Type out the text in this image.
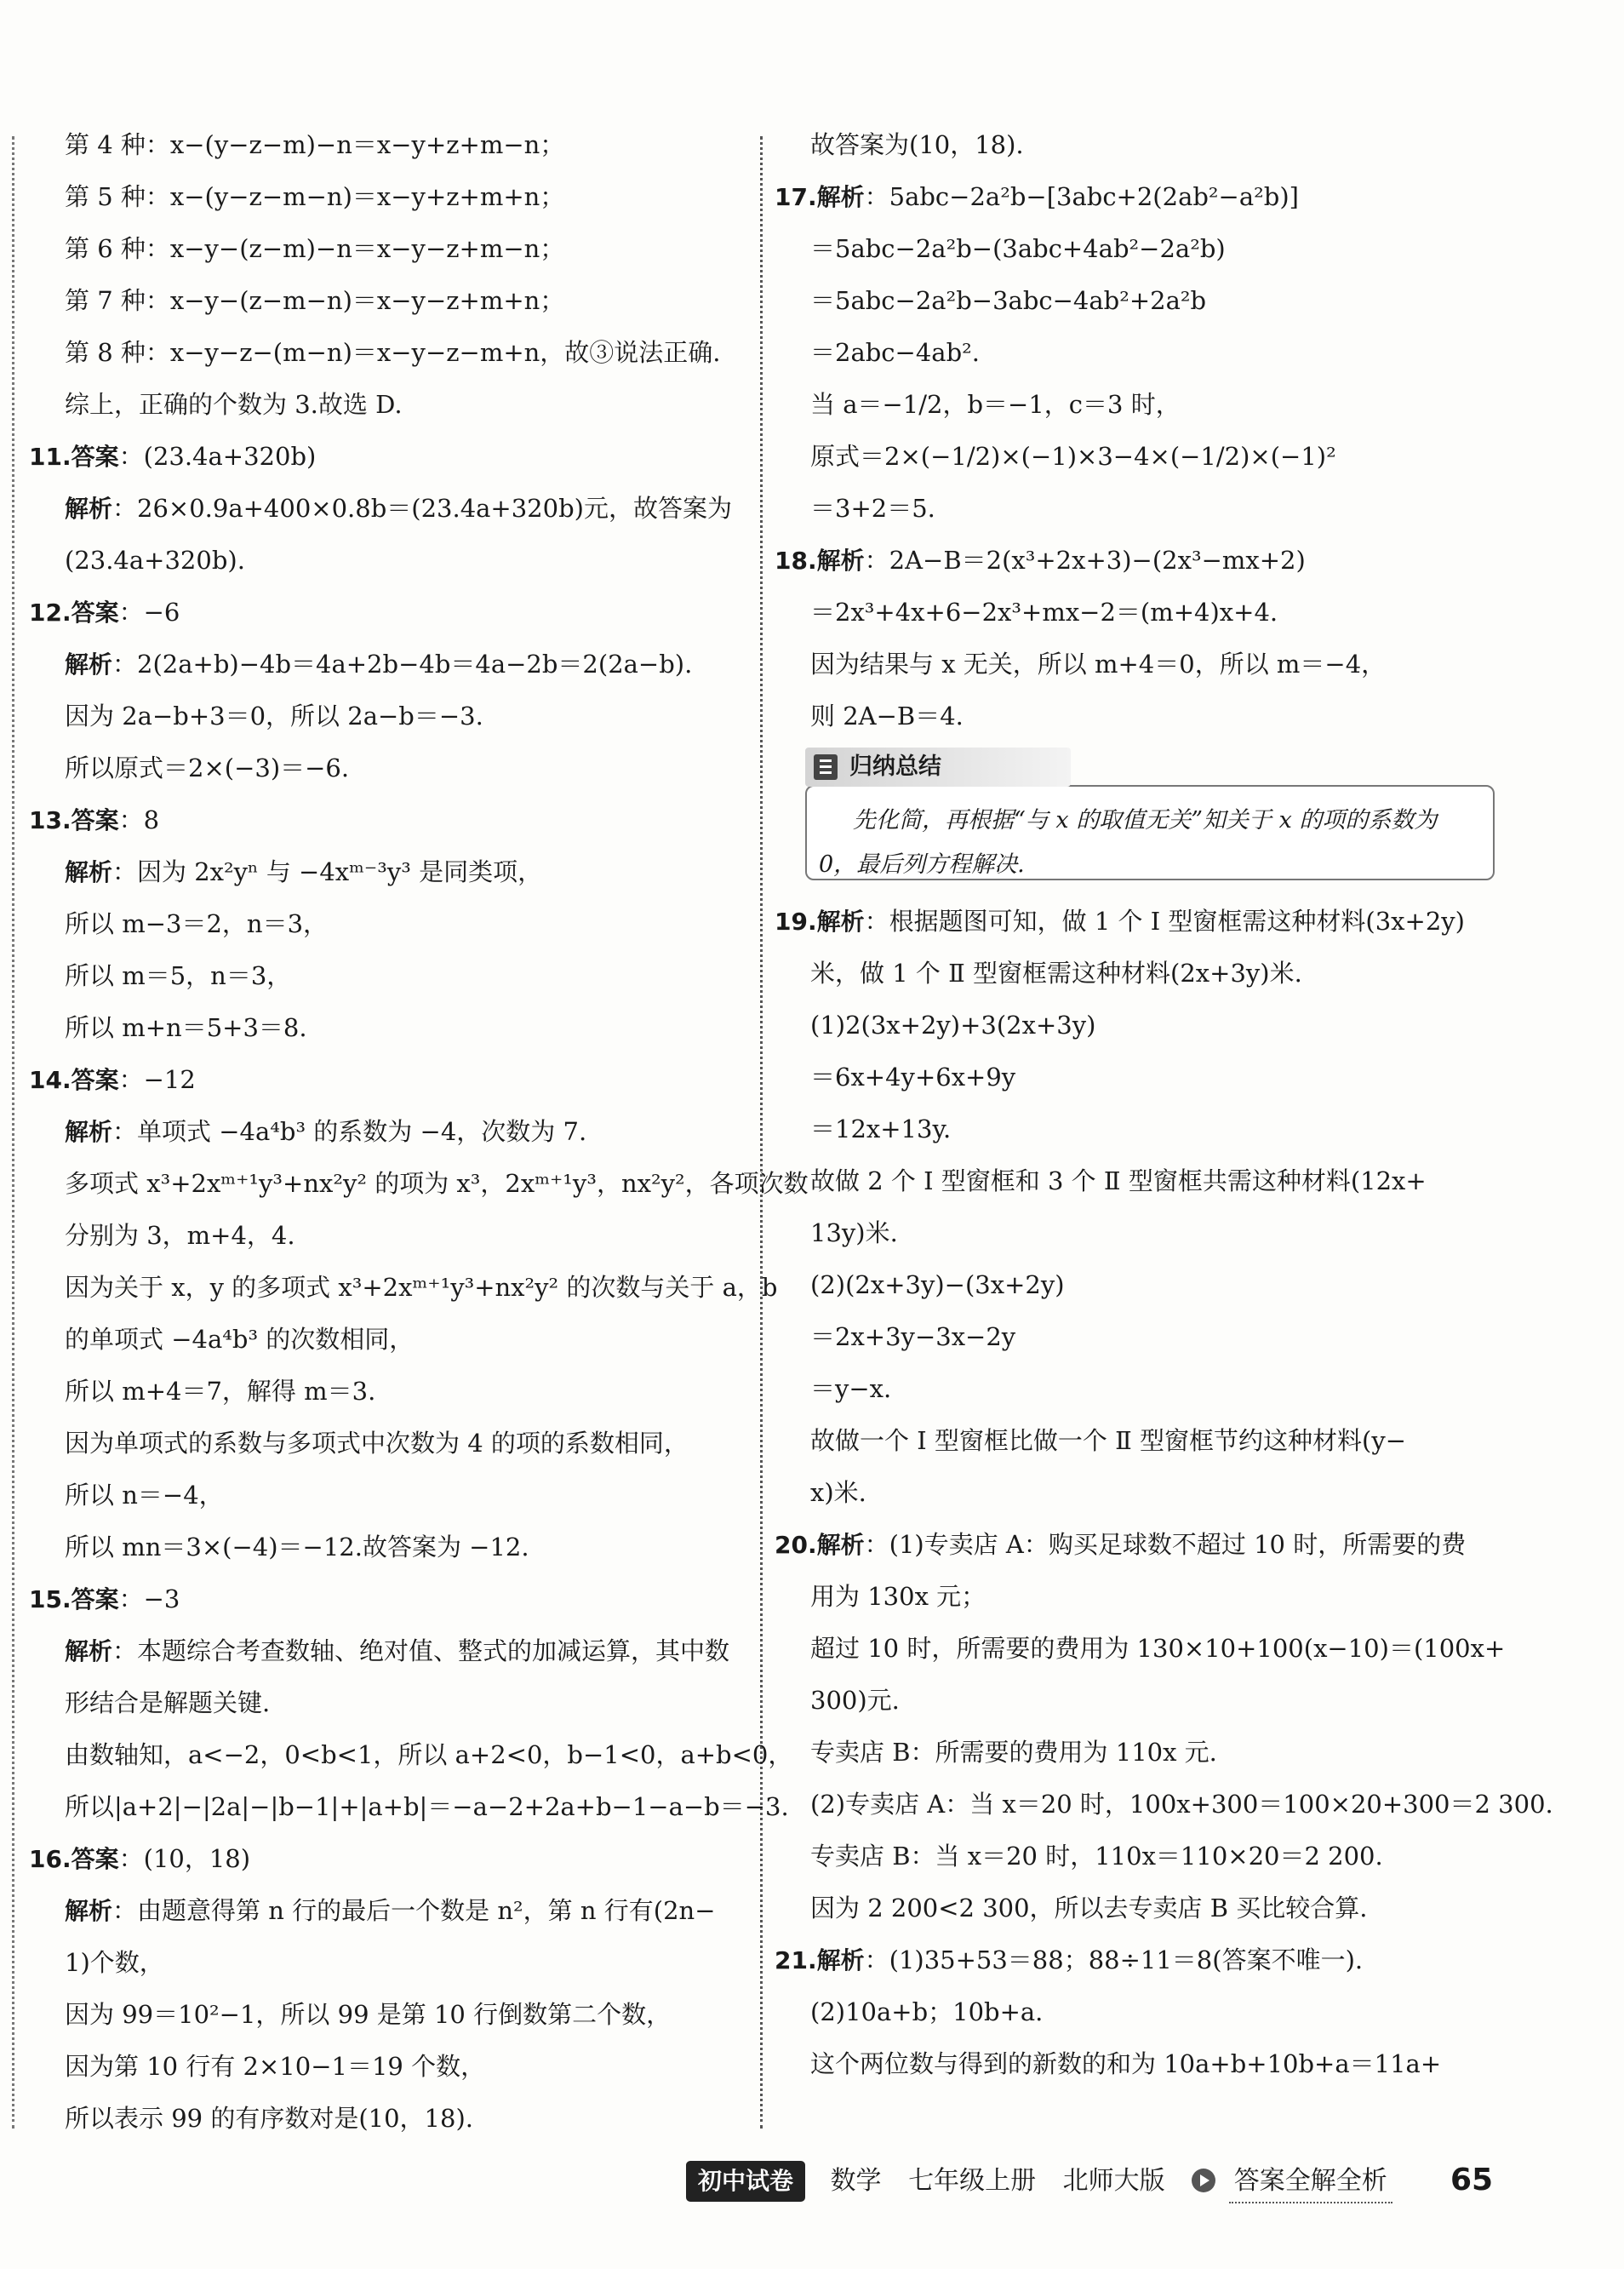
第 4 种：x−(y−z−m)−n＝x−y+z+m−n；
第 5 种：x−(y−z−m−n)＝x−y+z+m+n；
第 6 种：x−y−(z−m)−n＝x−y−z+m−n；
第 7 种：x−y−(z−m−n)＝x−y−z+m+n；
第 8 种：x−y−z−(m−n)＝x−y−z−m+n，故③说法正确.
综上，正确的个数为 3.故选 D.
11.答案：(23.4a+320b)
解析：26×0.9a+400×0.8b＝(23.4a+320b)元，故答案为
(23.4a+320b).
12.答案：−6
解析：2(2a+b)−4b＝4a+2b−4b＝4a−2b＝2(2a−b).
因为 2a−b+3＝0，所以 2a−b＝−3.
所以原式＝2×(−3)＝−6.
13.答案：8
解析：因为 2x²yⁿ 与 −4xᵐ⁻³y³ 是同类项，
所以 m−3＝2，n＝3，
所以 m＝5，n＝3，
所以 m+n＝5+3＝8.
14.答案：−12
解析：单项式 −4a⁴b³ 的系数为 −4，次数为 7.
多项式 x³+2xᵐ⁺¹y³+nx²y² 的项为 x³，2xᵐ⁺¹y³，nx²y²，各项次数
分别为 3，m+4，4.
因为关于 x，y 的多项式 x³+2xᵐ⁺¹y³+nx²y² 的次数与关于 a，b
的单项式 −4a⁴b³ 的次数相同，
所以 m+4＝7，解得 m＝3.
因为单项式的系数与多项式中次数为 4 的项的系数相同，
所以 n＝−4，
所以 mn＝3×(−4)＝−12.故答案为 −12.
15.答案：−3
解析：本题综合考查数轴、绝对值、整式的加减运算，其中数
形结合是解题关键.
由数轴知，a<−2，0<b<1，所以 a+2<0，b−1<0，a+b<0，
所以|a+2|−|2a|−|b−1|+|a+b|＝−a−2+2a+b−1−a−b＝−3.
16.答案：(10，18)
解析：由题意得第 n 行的最后一个数是 n²，第 n 行有(2n−
1)个数，
因为 99＝10²−1，所以 99 是第 10 行倒数第二个数，
因为第 10 行有 2×10−1＝19 个数，
所以表示 99 的有序数对是(10，18).
故答案为(10，18).
17.解析：5abc−2a²b−[3abc+2(2ab²−a²b)]
＝5abc−2a²b−(3abc+4ab²−2a²b)
＝5abc−2a²b−3abc−4ab²+2a²b
＝2abc−4ab².
当 a＝−1/2，b＝−1，c＝3 时，
原式＝2×(−1/2)×(−1)×3−4×(−1/2)×(−1)²
＝3+2＝5.
18.解析：2A−B＝2(x³+2x+3)−(2x³−mx+2)
＝2x³+4x+6−2x³+mx−2＝(m+4)x+4.
因为结果与 x 无关，所以 m+4＝0，所以 m＝−4，
则 2A−B＝4.
先化简，再根据“与 x 的取值无关”知关于 x 的项的系数为
0，最后列方程解决.
归纳总结
19.解析：根据题图可知，做 1 个 Ⅰ 型窗框需这种材料(3x+2y)
米，做 1 个 Ⅱ 型窗框需这种材料(2x+3y)米.
(1)2(3x+2y)+3(2x+3y)
＝6x+4y+6x+9y
＝12x+13y.
故做 2 个 Ⅰ 型窗框和 3 个 Ⅱ 型窗框共需这种材料(12x+
13y)米.
(2)(2x+3y)−(3x+2y)
＝2x+3y−3x−2y
＝y−x.
故做一个 Ⅰ 型窗框比做一个 Ⅱ 型窗框节约这种材料(y−
x)米.
20.解析：(1)专卖店 A：购买足球数不超过 10 时，所需要的费
用为 130x 元；
超过 10 时，所需要的费用为 130×10+100(x−10)＝(100x+
300)元.
专卖店 B：所需要的费用为 110x 元.
(2)专卖店 A：当 x＝20 时，100x+300＝100×20+300＝2 300.
专卖店 B：当 x＝20 时，110x＝110×20＝2 200.
因为 2 200<2 300，所以去专卖店 B 买比较合算.
21.解析：(1)35+53＝88；88÷11＝8(答案不唯一).
(2)10a+b；10b+a.
这个两位数与得到的新数的和为 10a+b+10b+a＝11a+
初中试卷 数学 七年级上册 北师大版	答案全解全析	65
